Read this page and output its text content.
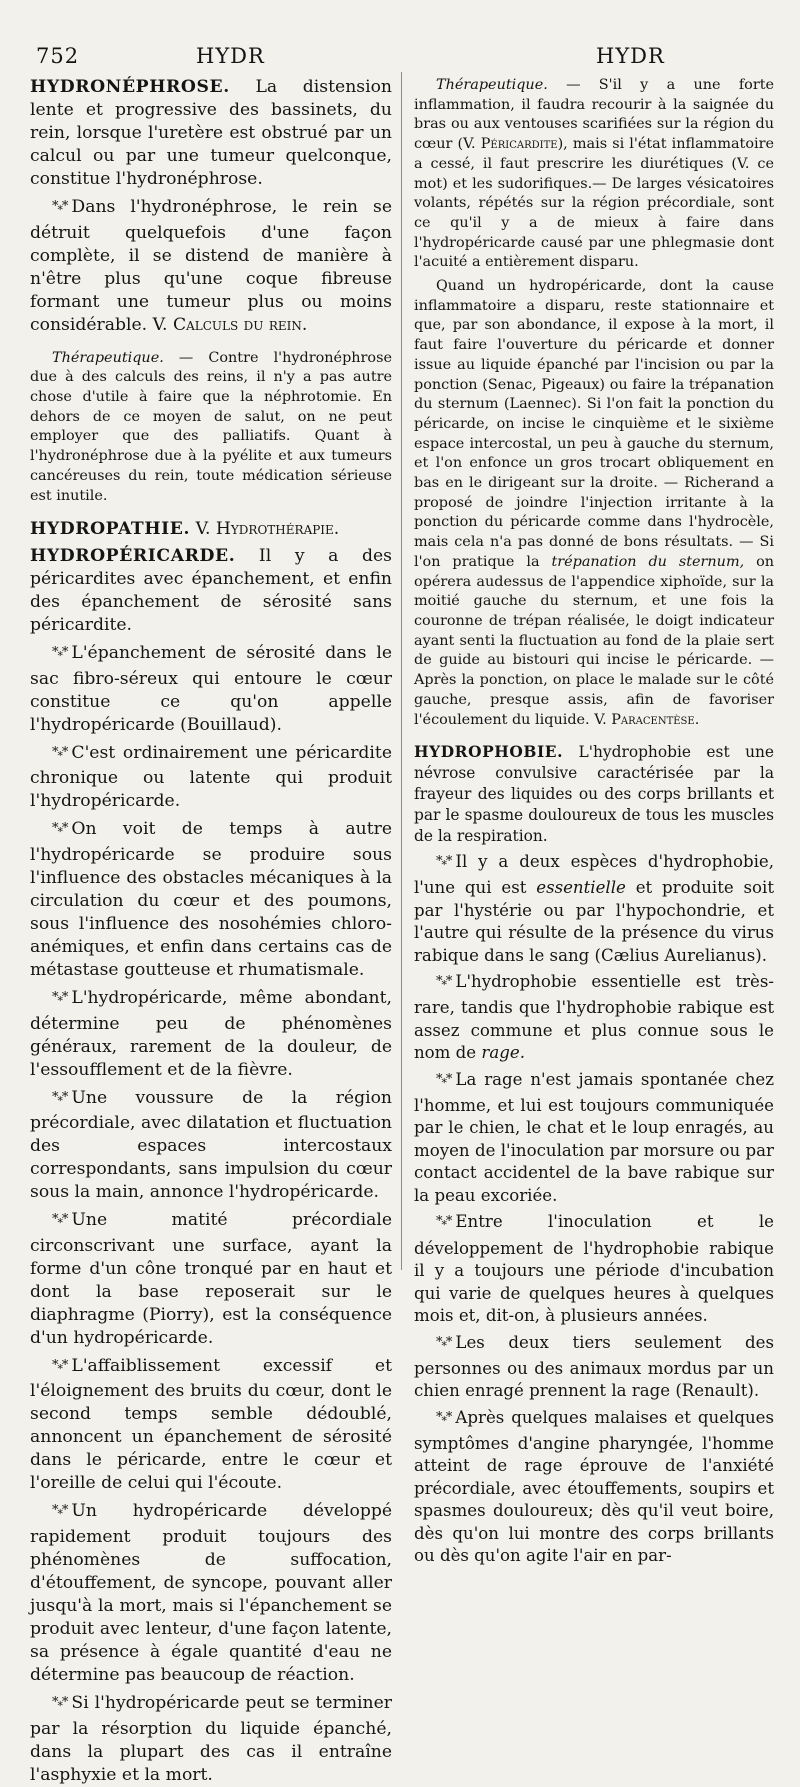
752	HYDR	HYDR

HYDRONÉPHROSE. La distension lente et progressive des bassinets, du rein, lorsque l'uretère est obstrué par un calcul ou par une tumeur quelconque, constitue l'hydronéphrose.

$*_**$ Dans l'hydronéphrose, le rein se détruit quelquefois d'une façon complète, il se distend de manière à n'être plus qu'une coque fibreuse formant une tumeur plus ou moins considérable. V. Calculs du rein.

Thérapeutique. — Contre l'hydronéphrose due à des calculs des reins, il n'y a pas autre chose d'utile à faire que la néphrotomie. En dehors de ce moyen de salut, on ne peut employer que des palliatifs. Quant à l'hydronéphrose due à la pyélite et aux tumeurs cancéreuses du rein, toute médication sérieuse est inutile.

HYDROPATHIE. V. Hydrothérapie.

HYDROPÉRICARDE. Il y a des péricardites avec épanchement, et enfin des épanchement de sérosité sans péricardite.

$*_**$ L'épanchement de sérosité dans le sac fibro-séreux qui entoure le cœur constitue ce qu'on appelle l'hydropéricarde (Bouillaud).

$*_**$ C'est ordinairement une péricardite chronique ou latente qui produit l'hydropéricarde.

$*_**$ On voit de temps à autre l'hydropéricarde se produire sous l'influence des obstacles mécaniques à la circulation du cœur et des poumons, sous l'influence des nosohémies chloro-anémiques, et enfin dans certains cas de métastase goutteuse et rhumatismale.

$*_**$ L'hydropéricarde, même abondant, détermine peu de phénomènes généraux, rarement de la douleur, de l'essoufflement et de la fièvre.

$*_**$ Une voussure de la région précordiale, avec dilatation et fluctuation des espaces intercostaux correspondants, sans impulsion du cœur sous la main, annonce l'hydropéricarde.

$*_**$ Une matité précordiale circonscrivant une surface, ayant la forme d'un cône tronqué par en haut et dont la base reposerait sur le diaphragme (Piorry), est la conséquence d'un hydropéricarde.

$*_**$ L'affaiblissement excessif et l'éloignement des bruits du cœur, dont le second temps semble dédoublé, annoncent un épanchement de sérosité dans le péricarde, entre le cœur et l'oreille de celui qui l'écoute.

$*_**$ Un hydropéricarde développé rapidement produit toujours des phénomènes de suffocation, d'étouffement, de syncope, pouvant aller jusqu'à la mort, mais si l'épanchement se produit avec lenteur, d'une façon latente, sa présence à égale quantité d'eau ne détermine pas beaucoup de réaction.

$*_**$ Si l'hydropéricarde peut se terminer par la résorption du liquide épanché, dans la plupart des cas il entraîne l'asphyxie et la mort.

Thérapeutique. — S'il y a une forte inflammation, il faudra recourir à la saignée du bras ou aux ventouses scarifiées sur la région du cœur (V. Péricardite), mais si l'état inflammatoire a cessé, il faut prescrire les diurétiques (V. ce mot) et les sudorifiques.— De larges vésicatoires volants, répétés sur la région précordiale, sont ce qu'il y a de mieux à faire dans l'hydropéricarde causé par une phlegmasie dont l'acuité a entièrement disparu.

Quand un hydropéricarde, dont la cause inflammatoire a disparu, reste stationnaire et que, par son abondance, il expose à la mort, il faut faire l'ouverture du péricarde et donner issue au liquide épanché par l'incision ou par la ponction (Senac, Pigeaux) ou faire la trépanation du sternum (Laennec). Si l'on fait la ponction du péricarde, on incise le cinquième et le sixième espace intercostal, un peu à gauche du sternum, et l'on enfonce un gros trocart obliquement en bas en le dirigeant sur la droite. — Richerand a proposé de joindre l'injection irritante à la ponction du péricarde comme dans l'hydrocèle, mais cela n'a pas donné de bons résultats. — Si l'on pratique la trépanation du sternum, on opérera audessus de l'appendice xiphoïde, sur la moitié gauche du sternum, et une fois la couronne de trépan réalisée, le doigt indicateur ayant senti la fluctuation au fond de la plaie sert de guide au bistouri qui incise le péricarde. — Après la ponction, on place le malade sur le côté gauche, presque assis, afin de favoriser l'écoulement du liquide. V. Paracentèse.

HYDROPHOBIE. L'hydrophobie est une névrose convulsive caractérisée par la frayeur des liquides ou des corps brillants et par le spasme douloureux de tous les muscles de la respiration.

$*_**$ Il y a deux espèces d'hydrophobie, l'une qui est essentielle et produite soit par l'hystérie ou par l'hypochondrie, et l'autre qui résulte de la présence du virus rabique dans le sang (Cælius Aurelianus).

$*_**$ L'hydrophobie essentielle est très-rare, tandis que l'hydrophobie rabique est assez commune et plus connue sous le nom de rage.

$*_**$ La rage n'est jamais spontanée chez l'homme, et lui est toujours communiquée par le chien, le chat et le loup enragés, au moyen de l'inoculation par morsure ou par contact accidentel de la bave rabique sur la peau excoriée.

$*_**$ Entre l'inoculation et le développement de l'hydrophobie rabique il y a toujours une période d'incubation qui varie de quelques heures à quelques mois et, dit-on, à plusieurs années.

$*_**$ Les deux tiers seulement des personnes ou des animaux mordus par un chien enragé prennent la rage (Renault).

$*_**$ Après quelques malaises et quelques symptômes d'angine pharyngée, l'homme atteint de rage éprouve de l'anxiété précordiale, avec étouffements, soupirs et spasmes douloureux; dès qu'il veut boire, dès qu'on lui montre des corps brillants ou dès qu'on agite l'air en par-
